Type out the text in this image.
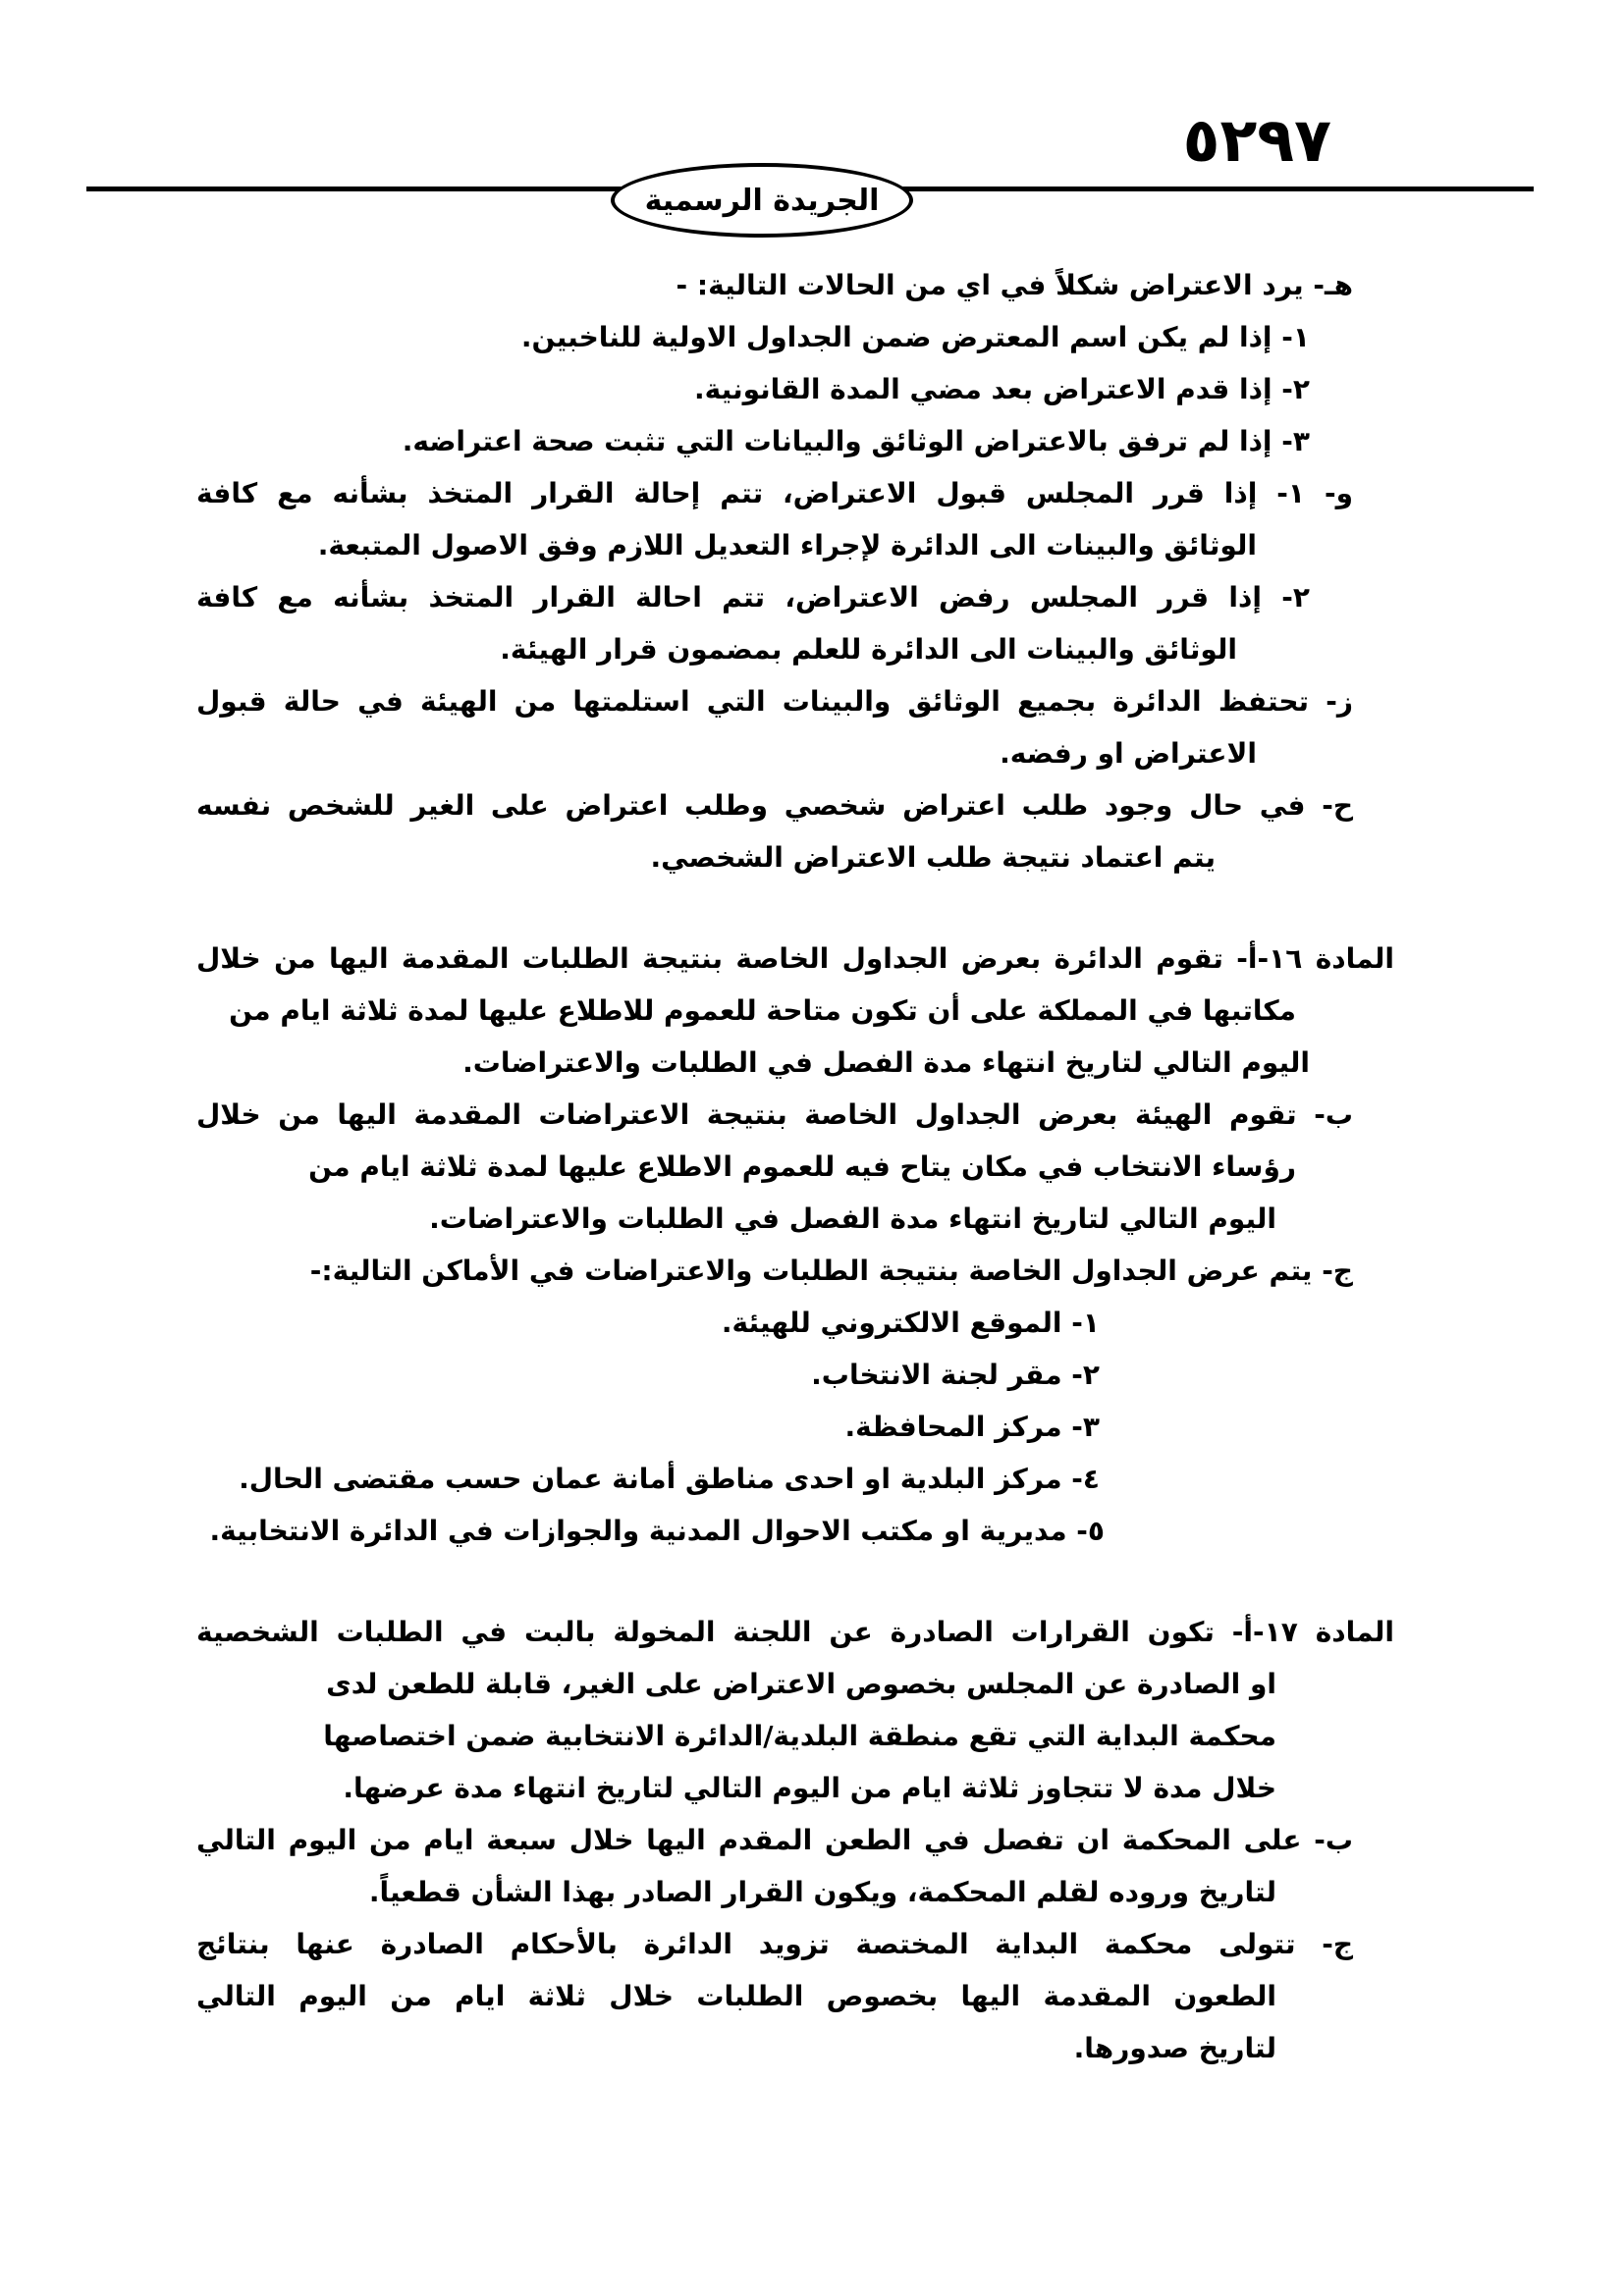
٥٢٩٧
الجريدة الرسمية
هـ- يرد الاعتراض شكلاً في اي من الحالات التالية: -
١- إذا لم يكن اسم المعترض ضمن الجداول الاولية للناخبين.
٢- إذا قدم الاعتراض بعد مضي المدة القانونية.
٣- إذا لم ترفق بالاعتراض الوثائق والبيانات التي تثبت صحة اعتراضه.
و- ١- إذا قرر المجلس قبول الاعتراض، تتم إحالة القرار المتخذ بشأنه مع كافة
الوثائق والبينات الى الدائرة لإجراء التعديل اللازم وفق الاصول المتبعة.
٢- إذا قرر المجلس رفض الاعتراض، تتم احالة القرار المتخذ بشأنه مع كافة
الوثائق والبينات الى الدائرة للعلم بمضمون قرار الهيئة.
ز- تحتفظ الدائرة بجميع الوثائق والبينات التي استلمتها من الهيئة في حالة قبول
الاعتراض او رفضه.
ح- في حال وجود طلب اعتراض شخصي وطلب اعتراض على الغير للشخص نفسه
يتم اعتماد نتيجة طلب الاعتراض الشخصي.
المادة ١٦-أ- تقوم الدائرة بعرض الجداول الخاصة بنتيجة الطلبات المقدمة اليها من خلال
مكاتبها في المملكة على أن تكون متاحة للعموم للاطلاع عليها لمدة ثلاثة ايام من
اليوم التالي لتاريخ انتهاء مدة الفصل في الطلبات والاعتراضات.
ب- تقوم الهيئة بعرض الجداول الخاصة بنتيجة الاعتراضات المقدمة اليها من خلال
رؤساء الانتخاب في مكان يتاح فيه للعموم الاطلاع عليها لمدة ثلاثة ايام من
اليوم التالي لتاريخ انتهاء مدة الفصل في الطلبات والاعتراضات.
ج- يتم عرض الجداول الخاصة بنتيجة الطلبات والاعتراضات في الأماكن التالية:-
١- الموقع الالكتروني للهيئة.
٢- مقر لجنة الانتخاب.
٣- مركز المحافظة.
٤- مركز البلدية او احدى مناطق أمانة عمان حسب مقتضى الحال.
٥- مديرية او مكتب الاحوال المدنية والجوازات في الدائرة الانتخابية.
المادة ١٧-أ- تكون القرارات الصادرة عن اللجنة المخولة بالبت في الطلبات الشخصية
او الصادرة عن المجلس بخصوص الاعتراض على الغير، قابلة للطعن لدى
محكمة البداية التي تقع منطقة البلدية/الدائرة الانتخابية ضمن اختصاصها
خلال مدة لا تتجاوز ثلاثة ايام من اليوم التالي لتاريخ انتهاء مدة عرضها.
ب- على المحكمة ان تفصل في الطعن المقدم اليها خلال سبعة ايام من اليوم التالي
لتاريخ وروده لقلم المحكمة، ويكون القرار الصادر بهذا الشأن قطعياً.
ج- تتولى محكمة البداية المختصة تزويد الدائرة بالأحكام الصادرة عنها بنتائج
الطعون المقدمة اليها بخصوص الطلبات خلال ثلاثة ايام من اليوم التالي
لتاريخ صدورها.
